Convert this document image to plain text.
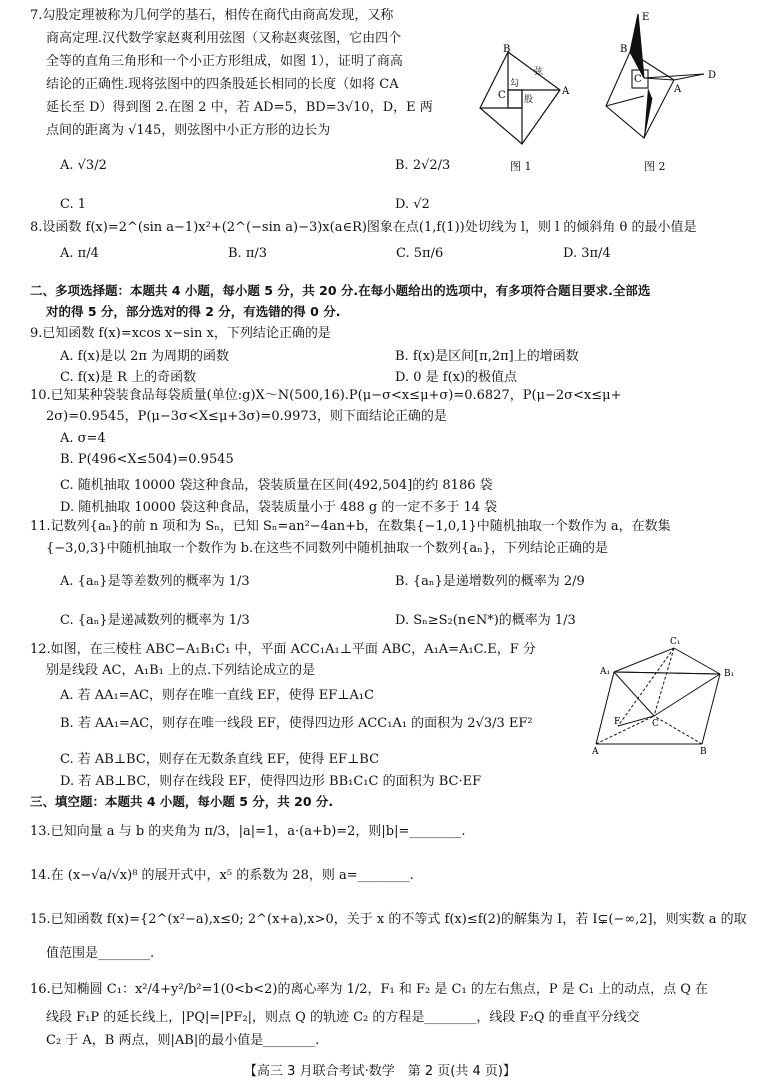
7.勾股定理被称为几何学的基石，相传在商代由商高发现，又称
商高定理.汉代数学家赵爽利用弦图（又称赵爽弦图，它由四个
全等的直角三角形和一个小正方形组成，如图 1），证明了商高
结论的正确性.现将弦图中的四条股延长相同的长度（如将 CA
延长至 D）得到图 2.在图 2 中，若 AD=5，BD=3√10，D，E 两
点间的距离为 √145，则弦图中小正方形的边长为
A. √3/2	B. 2√2/3
C. 1	D. √2
B
C	A
勾
股
弦
图 1
E
B
C
A
D
图 2
8.设函数 f(x)=2^(sin a−1)x²+(2^(−sin a)−3)x(a∈R)图象在点(1,f(1))处切线为 l，则 l 的倾斜角 θ 的最小值是
A. π/4	B. π/3	C. 5π/6	D. 3π/4
二、多项选择题：本题共 4 小题，每小题 5 分，共 20 分.在每小题给出的选项中，有多项符合题目要求.全部选
对的得 5 分，部分选对的得 2 分，有选错的得 0 分.
9.已知函数 f(x)=xcos x−sin x，下列结论正确的是
A. f(x)是以 2π 为周期的函数	B. f(x)是区间[π,2π]上的增函数
C. f(x)是 R 上的奇函数	D. 0 是 f(x)的极值点
10.已知某种袋装食品每袋质量(单位:g)X～N(500,16).P(μ−σ<x≤μ+σ)=0.6827，P(μ−2σ<x≤μ+
2σ)=0.9545，P(μ−3σ<X≤μ+3σ)=0.9973，则下面结论正确的是
A. σ=4
B. P(496<X≤504)=0.9545
C. 随机抽取 10000 袋这种食品，袋装质量在区间(492,504]的约 8186 袋
D. 随机抽取 10000 袋这种食品，袋装质量小于 488 g 的一定不多于 14 袋
11.记数列{aₙ}的前 n 项和为 Sₙ，已知 Sₙ=an²−4an+b，在数集{−1,0,1}中随机抽取一个数作为 a，在数集
{−3,0,3}中随机抽取一个数作为 b.在这些不同数列中随机抽取一个数列{aₙ}，下列结论正确的是
A. {aₙ}是等差数列的概率为 1/3	B. {aₙ}是递增数列的概率为 2/9
C. {aₙ}是递减数列的概率为 1/3	D. Sₙ≥S₂(n∈N*)的概率为 1/3
12.如图，在三棱柱 ABC−A₁B₁C₁ 中，平面 ACC₁A₁⊥平面 ABC，A₁A=A₁C.E，F 分
别是线段 AC，A₁B₁ 上的点.下列结论成立的是
A. 若 AA₁=AC，则存在唯一直线 EF，使得 EF⊥A₁C
B. 若 AA₁=AC，则存在唯一线段 EF，使得四边形 ACC₁A₁ 的面积为 2√3/3 EF²
C. 若 AB⊥BC，则存在无数条直线 EF，使得 EF⊥BC
D. 若 AB⊥BC，则存在线段 EF，使得四边形 BB₁C₁C 的面积为 BC·EF
C₁
A₁	B₁
F	C
A	B
三、填空题：本题共 4 小题，每小题 5 分，共 20 分.
13.已知向量 a 与 b 的夹角为 π/3，|a|=1，a·(a+b)=2，则|b|=________.
14.在 (x−√a/√x)⁸ 的展开式中，x⁵ 的系数为 28，则 a=________.
15.已知函数 f(x)={2^(x²−a),x≤0; 2^(x+a),x>0，关于 x 的不等式 f(x)≤f(2)的解集为 I，若 I⊊(−∞,2]，则实数 a 的取
值范围是________.
16.已知椭圆 C₁：x²/4+y²/b²=1(0<b<2)的离心率为 1/2，F₁ 和 F₂ 是 C₁ 的左右焦点，P 是 C₁ 上的动点，点 Q 在
线段 F₁P 的延长线上，|PQ|=|PF₂|，则点 Q 的轨迹 C₂ 的方程是________，线段 F₂Q 的垂直平分线交
C₂ 于 A，B 两点，则|AB|的最小值是________.
【高三 3 月联合考试·数学　第 2 页(共 4 页)】
